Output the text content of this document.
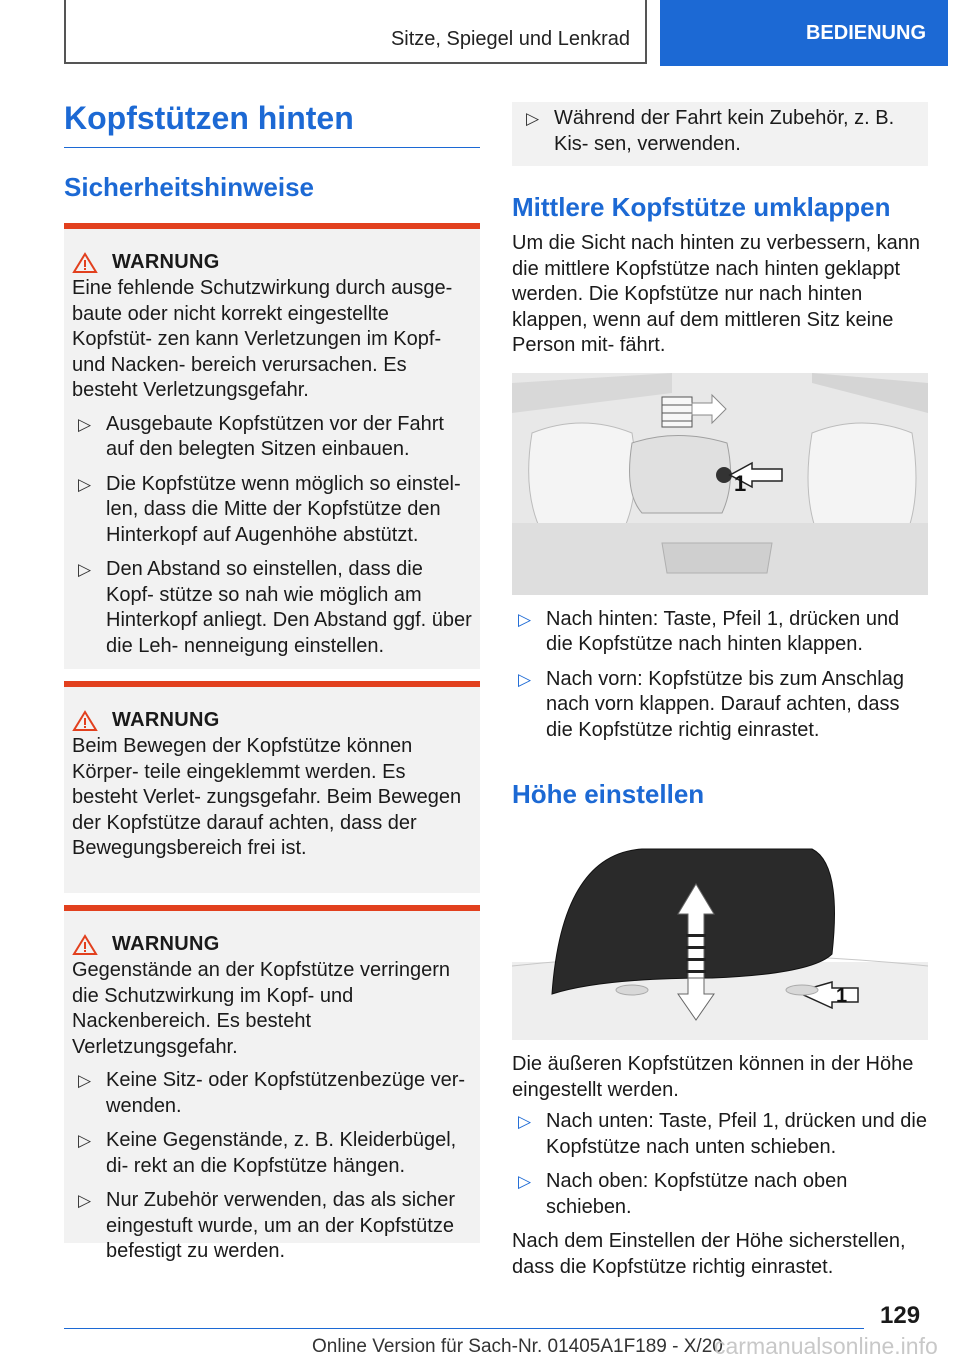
Sitze, Spiegel und Lenkrad	BEDIENUNG
Kopfstützen hinten
Sicherheitshinweise
WARNUNG

Eine fehlende Schutzwirkung durch ausge‐ baute oder nicht korrekt eingestellte Kopfstüt‐ zen kann Verletzungen im Kopf- und Nacken‐ bereich verursachen. Es besteht Verletzungsgefahr.

▷ Ausgebaute Kopfstützen vor der Fahrt auf den belegten Sitzen einbauen.
▷ Die Kopfstütze wenn möglich so einstel‐ len, dass die Mitte der Kopfstütze den Hinterkopf auf Augenhöhe abstützt.
▷ Den Abstand so einstellen, dass die Kopf‐ stütze so nah wie möglich am Hinterkopf anliegt. Den Abstand ggf. über die Leh‐ nenneigung einstellen.
WARNUNG

Beim Bewegen der Kopfstütze können Körper‐ teile eingeklemmt werden. Es besteht Verlet‐ zungsgefahr. Beim Bewegen der Kopfstütze darauf achten, dass der Bewegungsbereich frei ist.

WARNUNG

Gegenstände an der Kopfstütze verringern die Schutzwirkung im Kopf- und Nackenbereich. Es besteht Verletzungsgefahr.

▷ Keine Sitz- oder Kopfstützenbezüge ver‐ wenden.
▷ Keine Gegenstände, z. B. Kleiderbügel, di‐ rekt an die Kopfstütze hängen.
▷ Nur Zubehör verwenden, das als sicher eingestuft wurde, um an der Kopfstütze befestigt zu werden.
▷ Während der Fahrt kein Zubehör, z. B. Kis‐ sen, verwenden.
Mittlere Kopfstütze umklappen

Um die Sicht nach hinten zu verbessern, kann die mittlere Kopfstütze nach hinten geklappt werden. Die Kopfstütze nur nach hinten klappen, wenn auf dem mittleren Sitz keine Person mit‐ fährt.

1
▷ Nach hinten: Taste, Pfeil 1, drücken und die Kopfstütze nach hinten klappen.
▷ Nach vorn: Kopfstütze bis zum Anschlag nach vorn klappen. Darauf achten, dass die Kopfstütze richtig einrastet.
Höhe einstellen
1

Die äußeren Kopfstützen können in der Höhe eingestellt werden.

▷ Nach unten: Taste, Pfeil 1, drücken und die Kopfstütze nach unten schieben.
▷ Nach oben: Kopfstütze nach oben schieben.

Nach dem Einstellen der Höhe sicherstellen, dass die Kopfstütze richtig einrastet.

129
Online Version für Sach-Nr. 01405A1F189 - X/20
carmanualsonline.info
